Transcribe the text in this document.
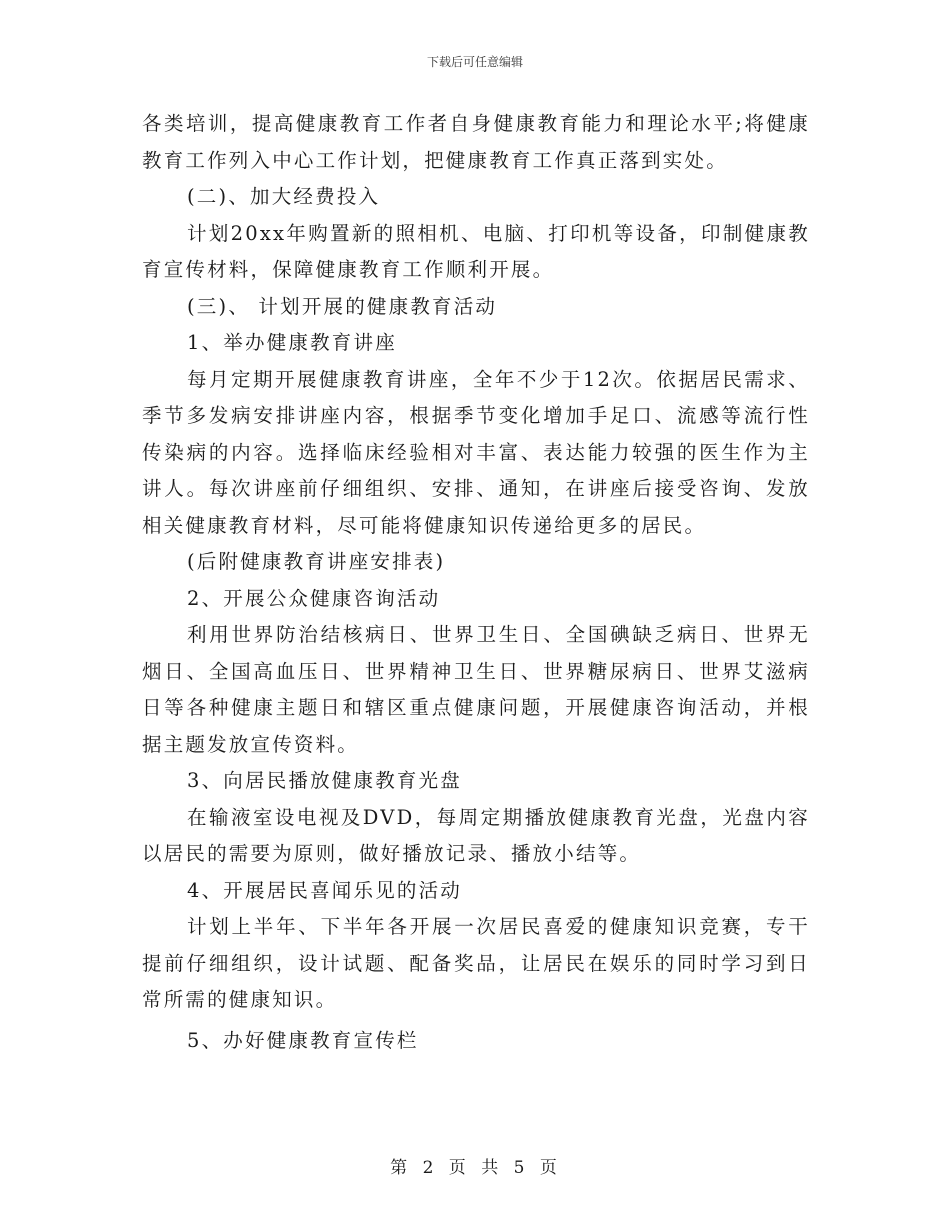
下载后可任意编辑

各类培训，提高健康教育工作者自身健康教育能力和理论水平;将健康教育工作列入中心工作计划，把健康教育工作真正落到实处。

(二)、加大经费投入

计划20xx年购置新的照相机、电脑、打印机等设备，印制健康教育宣传材料，保障健康教育工作顺利开展。

(三)、 计划开展的健康教育活动

1、举办健康教育讲座

每月定期开展健康教育讲座，全年不少于12次。依据居民需求、季节多发病安排讲座内容，根据季节变化增加手足口、流感等流行性传染病的内容。选择临床经验相对丰富、表达能力较强的医生作为主讲人。每次讲座前仔细组织、安排、通知，在讲座后接受咨询、发放相关健康教育材料，尽可能将健康知识传递给更多的居民。

(后附健康教育讲座安排表)

2、开展公众健康咨询活动

利用世界防治结核病日、世界卫生日、全国碘缺乏病日、世界无烟日、全国高血压日、世界精神卫生日、世界糖尿病日、世界艾滋病日等各种健康主题日和辖区重点健康问题，开展健康咨询活动，并根据主题发放宣传资料。

3、向居民播放健康教育光盘

在输液室设电视及DVD，每周定期播放健康教育光盘，光盘内容以居民的需要为原则，做好播放记录、播放小结等。

4、开展居民喜闻乐见的活动

计划上半年、下半年各开展一次居民喜爱的健康知识竞赛，专干提前仔细组织，设计试题、配备奖品，让居民在娱乐的同时学习到日常所需的健康知识。

5、办好健康教育宣传栏

第 2 页 共 5 页
